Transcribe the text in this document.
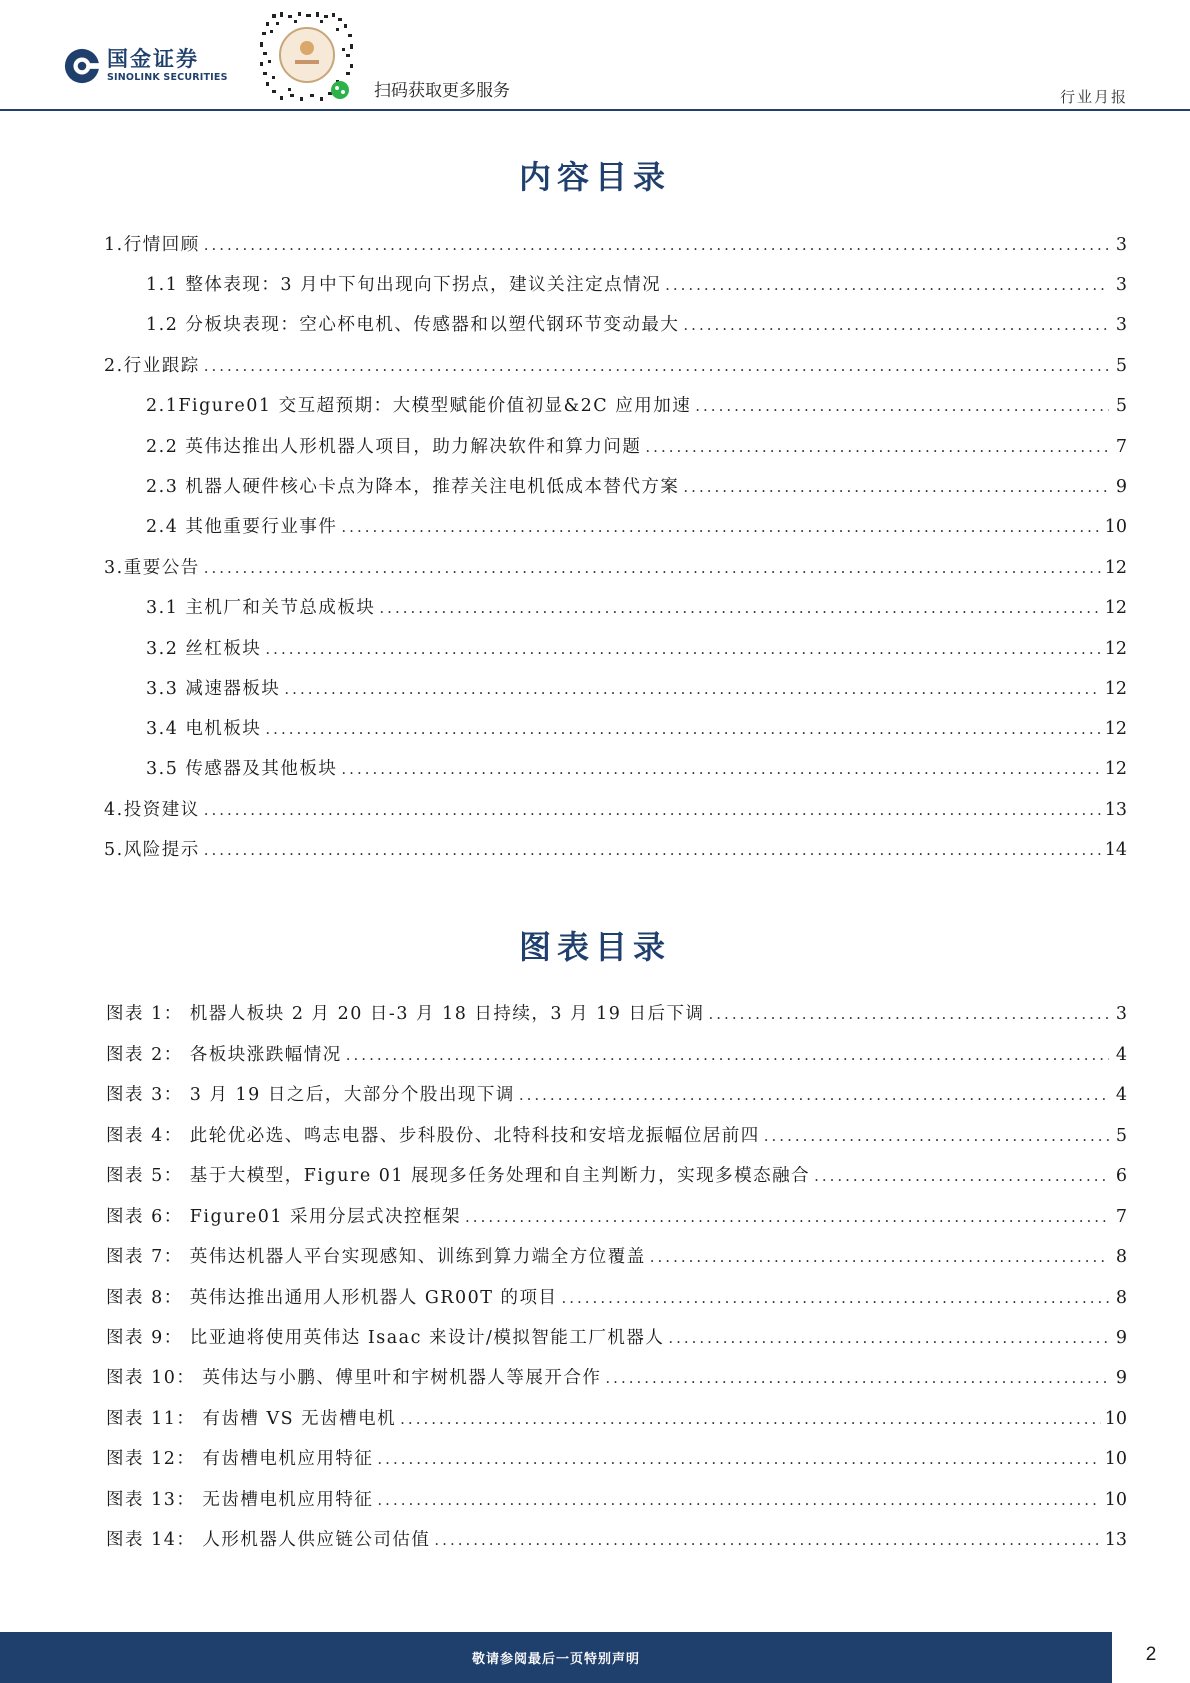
国金证券
SINOLINK SECURITIES
扫码获取更多服务	行业月报
内容目录
1.行情回顾 .....	3
1.1 整体表现：3 月中下旬出现向下拐点，建议关注定点情况 .....	3
1.2 分板块表现：空心杯电机、传感器和以塑代钢环节变动最大 .....	3
2.行业跟踪 .....	5
2.1Figure01 交互超预期：大模型赋能价值初显&2C 应用加速 .....	5
2.2 英伟达推出人形机器人项目，助力解决软件和算力问题 .....	7
2.3 机器人硬件核心卡点为降本，推荐关注电机低成本替代方案 .....	9
2.4 其他重要行业事件 .....	10
3.重要公告 .....	12
3.1 主机厂和关节总成板块 .....	12
3.2 丝杠板块 .....	12
3.3 减速器板块 .....	12
3.4 电机板块 .....	12
3.5 传感器及其他板块 .....	12
4.投资建议 .....	13
5.风险提示 .....	14
图表目录
图表 1： 机器人板块 2 月 20 日-3 月 18 日持续，3 月 19 日后下调 .....	3
图表 2： 各板块涨跌幅情况 .....	4
图表 3： 3 月 19 日之后，大部分个股出现下调 .....	4
图表 4： 此轮优必选、鸣志电器、步科股份、北特科技和安培龙振幅位居前四 .....	5
图表 5： 基于大模型，Figure 01 展现多任务处理和自主判断力，实现多模态融合 .....	6
图表 6： Figure01 采用分层式决控框架 .....	7
图表 7： 英伟达机器人平台实现感知、训练到算力端全方位覆盖 .....	8
图表 8： 英伟达推出通用人形机器人 GR00T 的项目 .....	8
图表 9： 比亚迪将使用英伟达 Isaac 来设计/模拟智能工厂机器人 .....	9
图表 10： 英伟达与小鹏、傅里叶和宇树机器人等展开合作 .....	9
图表 11： 有齿槽 VS 无齿槽电机 .....	10
图表 12： 有齿槽电机应用特征 .....	10
图表 13： 无齿槽电机应用特征 .....	10
图表 14： 人形机器人供应链公司估值 .....	13
敬请参阅最后一页特别声明	2
